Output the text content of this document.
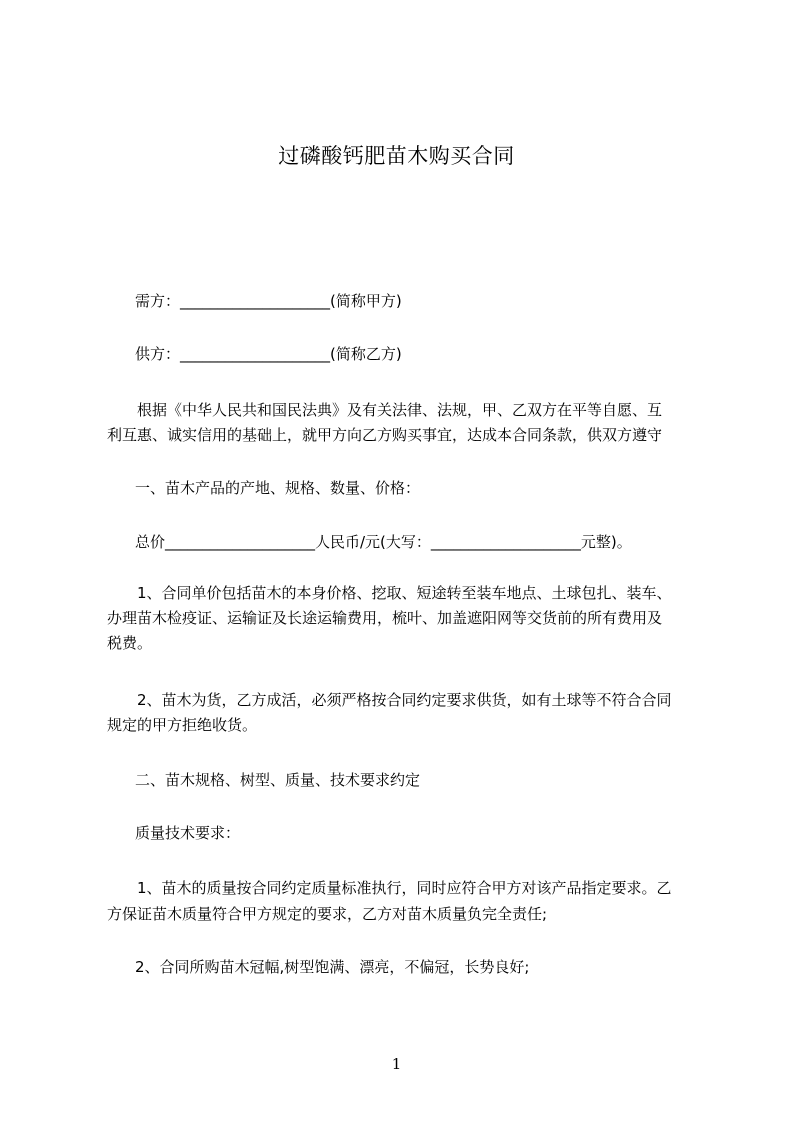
过磷酸钙肥苗木购买合同
需方：____________________(简称甲方)
供方：____________________(简称乙方)
根据《中华人民共和国民法典》及有关法律、法规，甲、乙双方在平等自愿、互
利互惠、诚实信用的基础上，就甲方向乙方购买事宜，达成本合同条款，供双方遵守
一、苗木产品的产地、规格、数量、价格：
总价____________________人民币/元(大写：____________________元整)。
1、合同单价包括苗木的本身价格、挖取、短途转至装车地点、土球包扎、装车、
办理苗木检疫证、运输证及长途运输费用，梳叶、加盖遮阳网等交货前的所有费用及
税费。
2、苗木为货，乙方成活，必须严格按合同约定要求供货，如有土球等不符合合同
规定的甲方拒绝收货。
二、苗木规格、树型、质量、技术要求约定
质量技术要求：
1、苗木的质量按合同约定质量标准执行，同时应符合甲方对该产品指定要求。乙
方保证苗木质量符合甲方规定的要求，乙方对苗木质量负完全责任;
2、合同所购苗木冠幅,树型饱满、漂亮，不偏冠，长势良好;
1
